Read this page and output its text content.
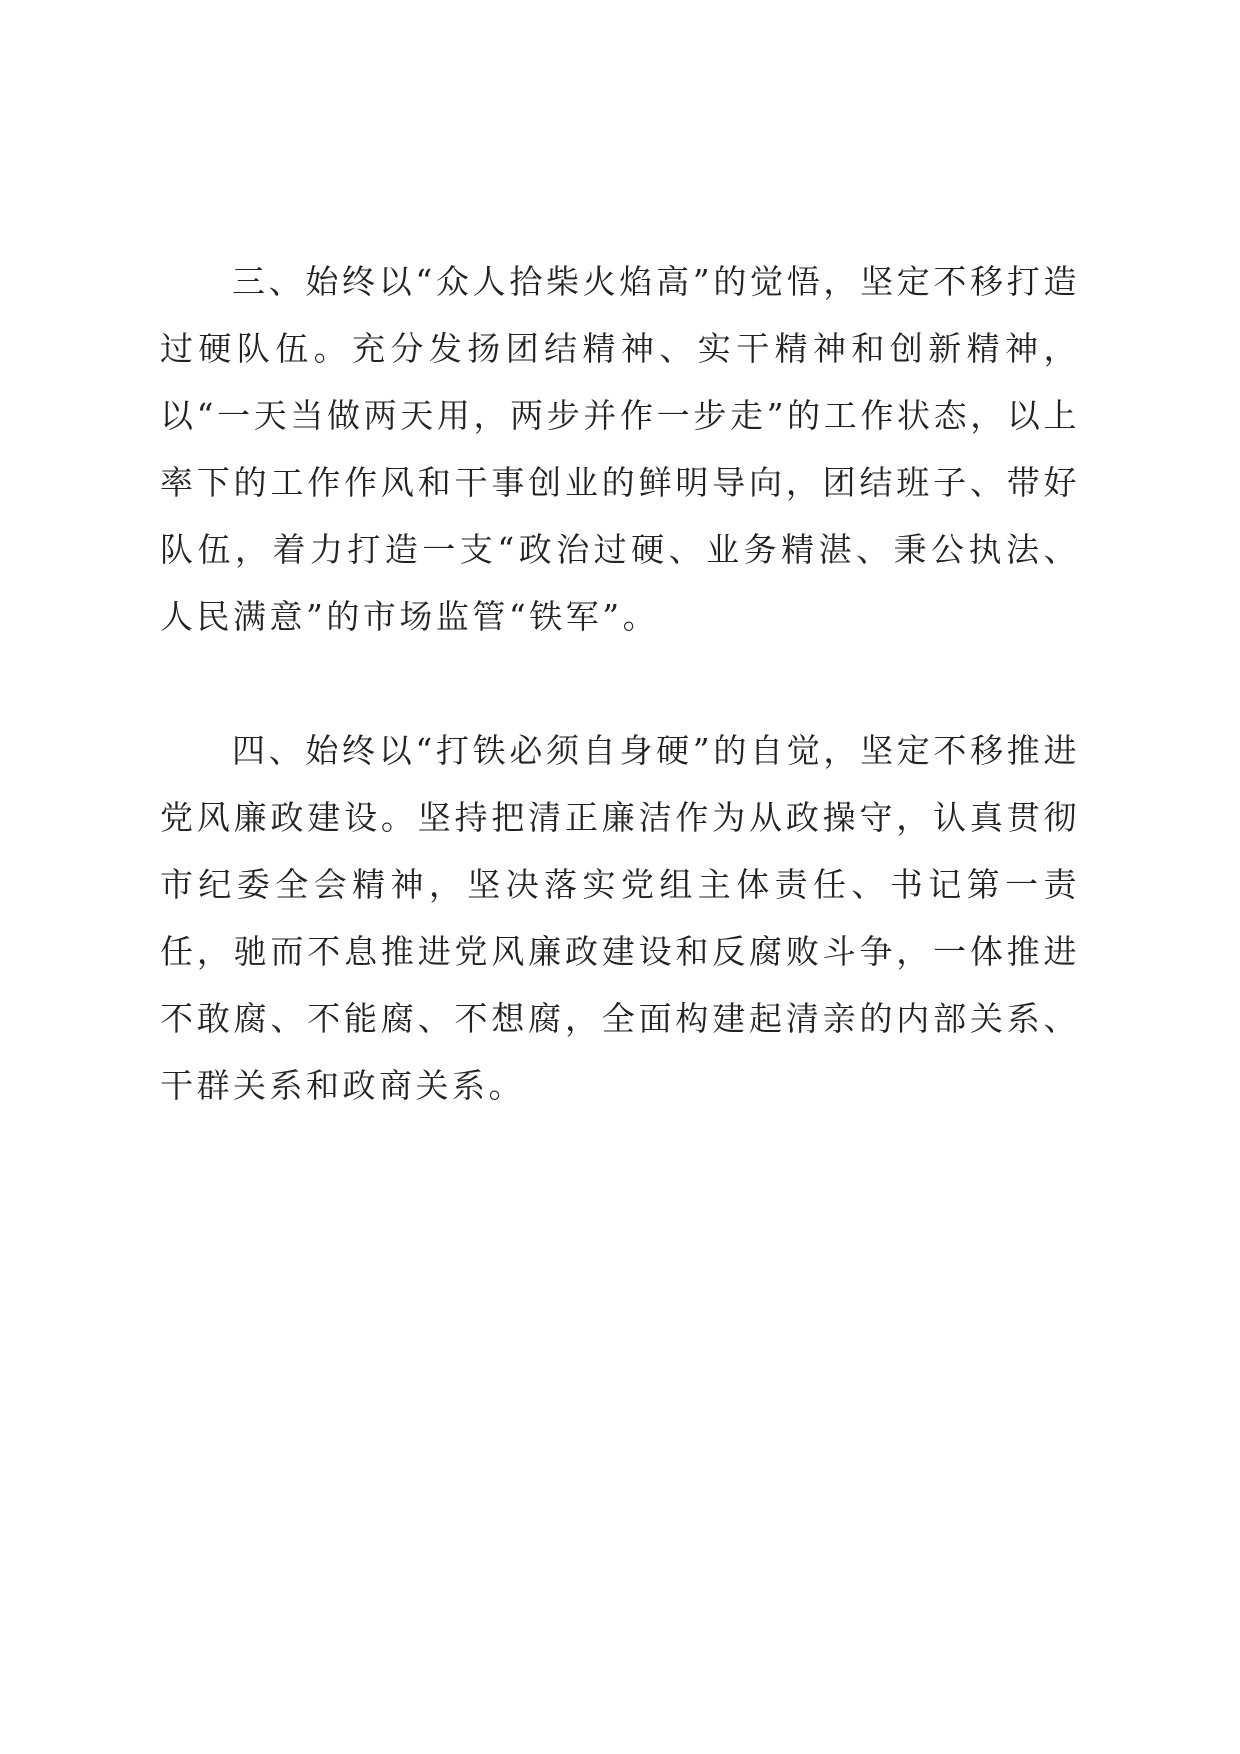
三、始终以“众人拾柴火焰高”的觉悟，坚定不移打造过硬队伍。充分发扬团结精神、实干精神和创新精神，以“一天当做两天用，两步并作一步走”的工作状态，以上率下的工作作风和干事创业的鲜明导向，团结班子、带好队伍，着力打造一支“政治过硬、业务精湛、秉公执法、人民满意”的市场监管“铁军”。

四、始终以“打铁必须自身硬”的自觉，坚定不移推进党风廉政建设。坚持把清正廉洁作为从政操守，认真贯彻市纪委全会精神，坚决落实党组主体责任、书记第一责任，驰而不息推进党风廉政建设和反腐败斗争，一体推进不敢腐、不能腐、不想腐，全面构建起清亲的内部关系、干群关系和政商关系。
